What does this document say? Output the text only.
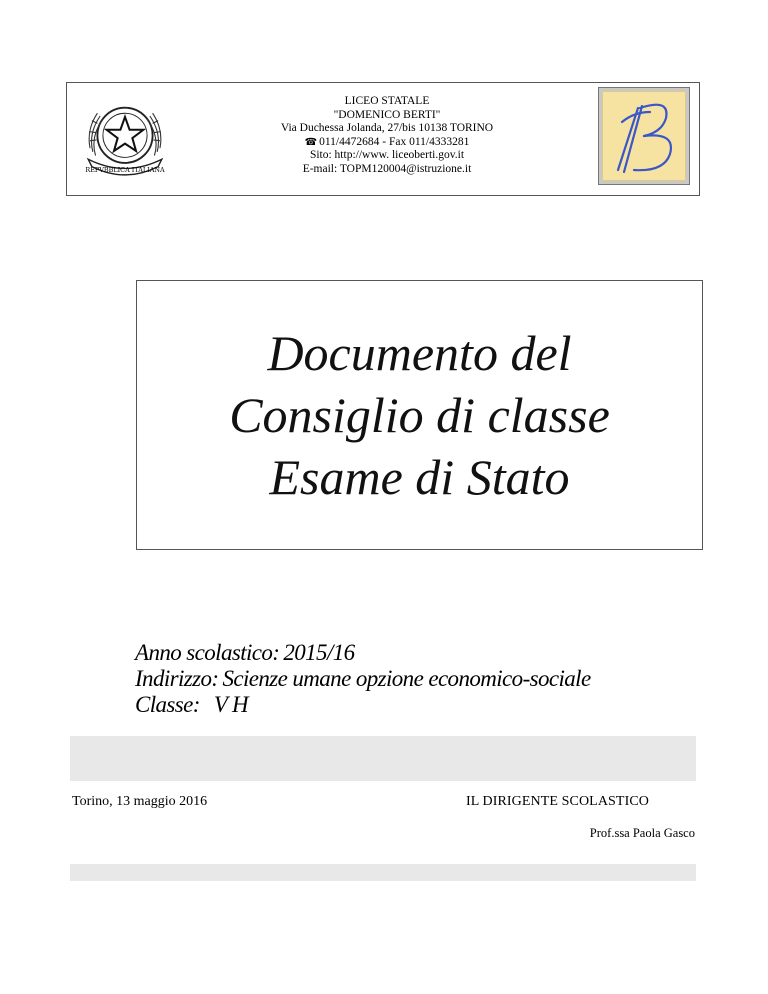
REPVBBLICA ITALIANA
LICEO STATALE
"DOMENICO BERTI"
Via Duchessa Jolanda, 27/bis 10138 TORINO
☎ 011/4472684 - Fax 011/4333281
Sito: http://www. liceoberti.gov.it
E-mail: TOPM120004@istruzione.it
Documento del
Consiglio di classe
Esame di Stato
Anno scolastico: 2015/16
Indirizzo: Scienze umane opzione economico-sociale
Classe: V H
Torino, 13 maggio 2016	IL DIRIGENTE SCOLASTICO
Prof.ssa Paola Gasco
